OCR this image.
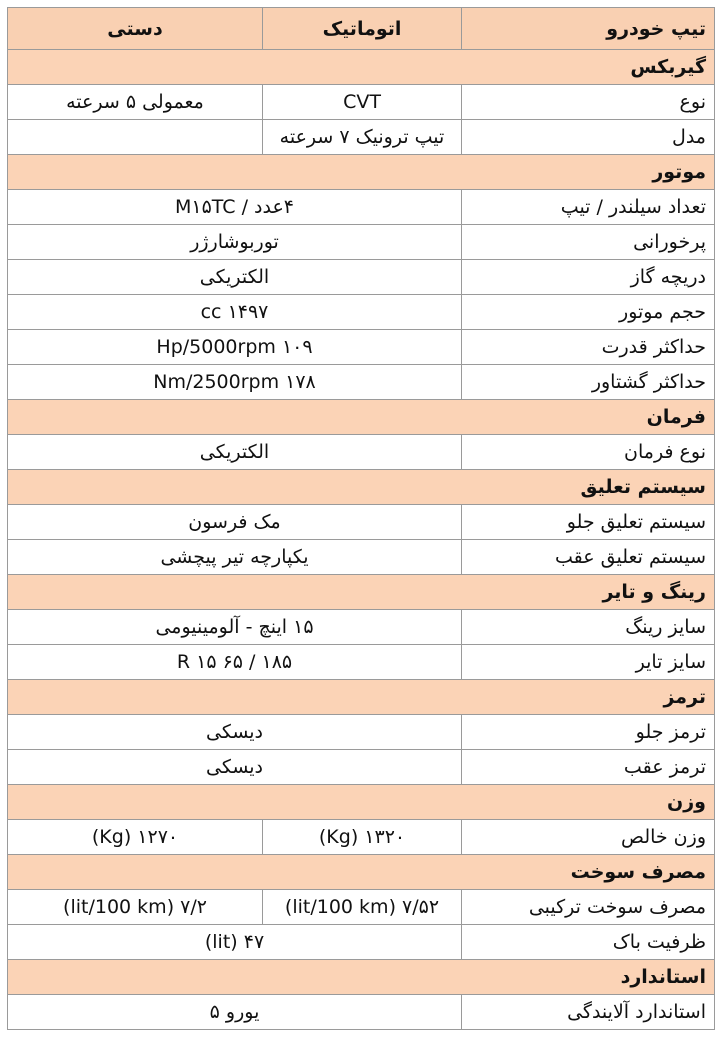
تیپ خودرو	اتوماتیک	دستی
گیربکس		
نوع	CVT	معمولی ۵ سرعته
مدل	تیپ ترونیک ۷ سرعته	
موتور		
تعداد سیلندر / تیپ	۴عدد / M۱۵TC	
پرخورانی	توربوشارژر	
دریچه گاز	الکتریکی	
حجم موتور	۱۴۹۷ cc	
حداکثر قدرت	۱۰۹ Hp/5000rpm	
حداکثر گشتاور	۱۷۸ Nm/2500rpm	
فرمان		
نوع فرمان	الکتریکی	
سیستم تعلیق		
سیستم تعلیق جلو	مک فرسون	
سیستم تعلیق عقب	یکپارچه تیر پیچشی	
رینگ و تایر		
سایز رینگ	۱۵ اینچ - آلومینیومی	
سایز تایر	۱۸۵ / ۶۵ R ۱۵	
ترمز		
ترمز جلو	دیسکی	
ترمز عقب	دیسکی	
وزن		
وزن خالص	۱۳۲۰ (Kg)	۱۲۷۰ (Kg)
مصرف سوخت		
مصرف سوخت ترکیبی	۷/۵۲ (lit/100 km)	۷/۲ (lit/100 km)
ظرفیت باک	۴۷ (lit)	
استاندارد		
استاندارد آلایندگی	یورو ۵	
